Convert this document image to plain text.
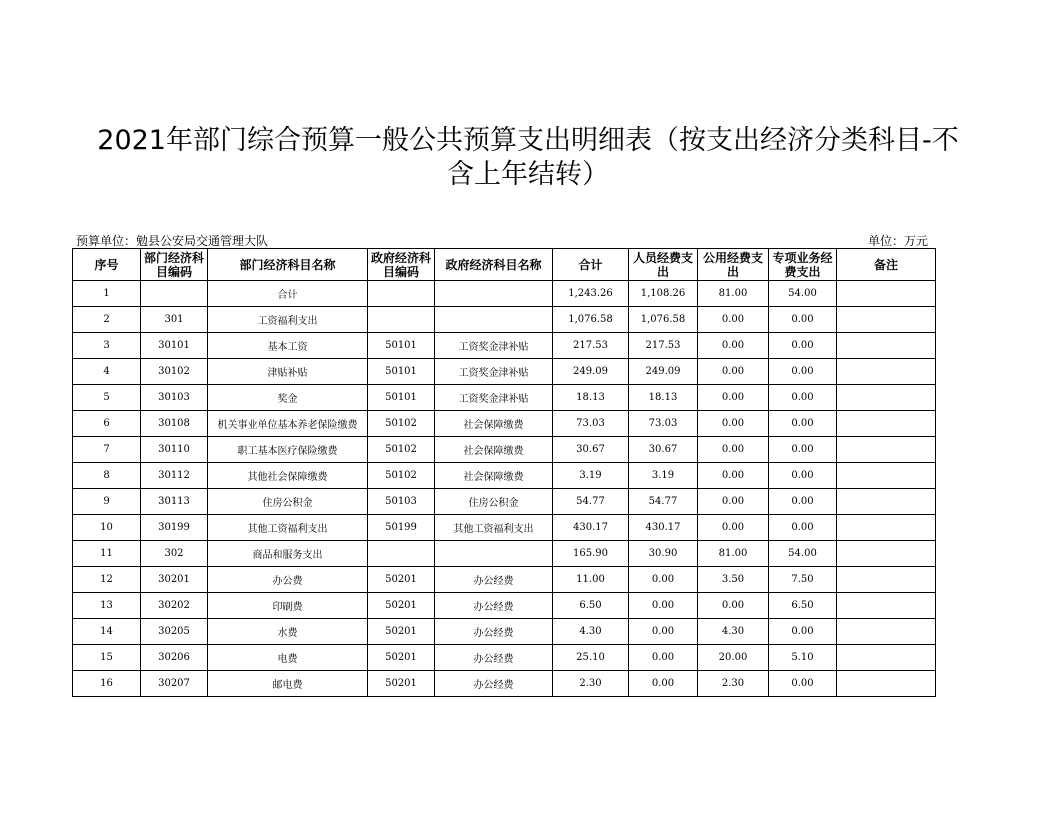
2021年部门综合预算一般公共预算支出明细表（按支出经济分类科目-不
含上年结转）
预算单位：勉县公安局交通管理大队	单位：万元
序号	部门经济科目编码	部门经济科目名称	政府经济科目编码	政府经济科目名称	合计	人员经费支出	公用经费支出	专项业务经费支出	备注
1		合计			1,243.26	1,108.26	81.00	54.00	
2	301	工资福利支出			1,076.58	1,076.58	0.00	0.00	
3	30101	基本工资	50101	工资奖金津补贴	217.53	217.53	0.00	0.00	
4	30102	津贴补贴	50101	工资奖金津补贴	249.09	249.09	0.00	0.00	
5	30103	奖金	50101	工资奖金津补贴	18.13	18.13	0.00	0.00	
6	30108	机关事业单位基本养老保险缴费	50102	社会保障缴费	73.03	73.03	0.00	0.00	
7	30110	职工基本医疗保险缴费	50102	社会保障缴费	30.67	30.67	0.00	0.00	
8	30112	其他社会保障缴费	50102	社会保障缴费	3.19	3.19	0.00	0.00	
9	30113	住房公积金	50103	住房公积金	54.77	54.77	0.00	0.00	
10	30199	其他工资福利支出	50199	其他工资福利支出	430.17	430.17	0.00	0.00	
11	302	商品和服务支出			165.90	30.90	81.00	54.00	
12	30201	办公费	50201	办公经费	11.00	0.00	3.50	7.50	
13	30202	印刷费	50201	办公经费	6.50	0.00	0.00	6.50	
14	30205	水费	50201	办公经费	4.30	0.00	4.30	0.00	
15	30206	电费	50201	办公经费	25.10	0.00	20.00	5.10	
16	30207	邮电费	50201	办公经费	2.30	0.00	2.30	0.00	
